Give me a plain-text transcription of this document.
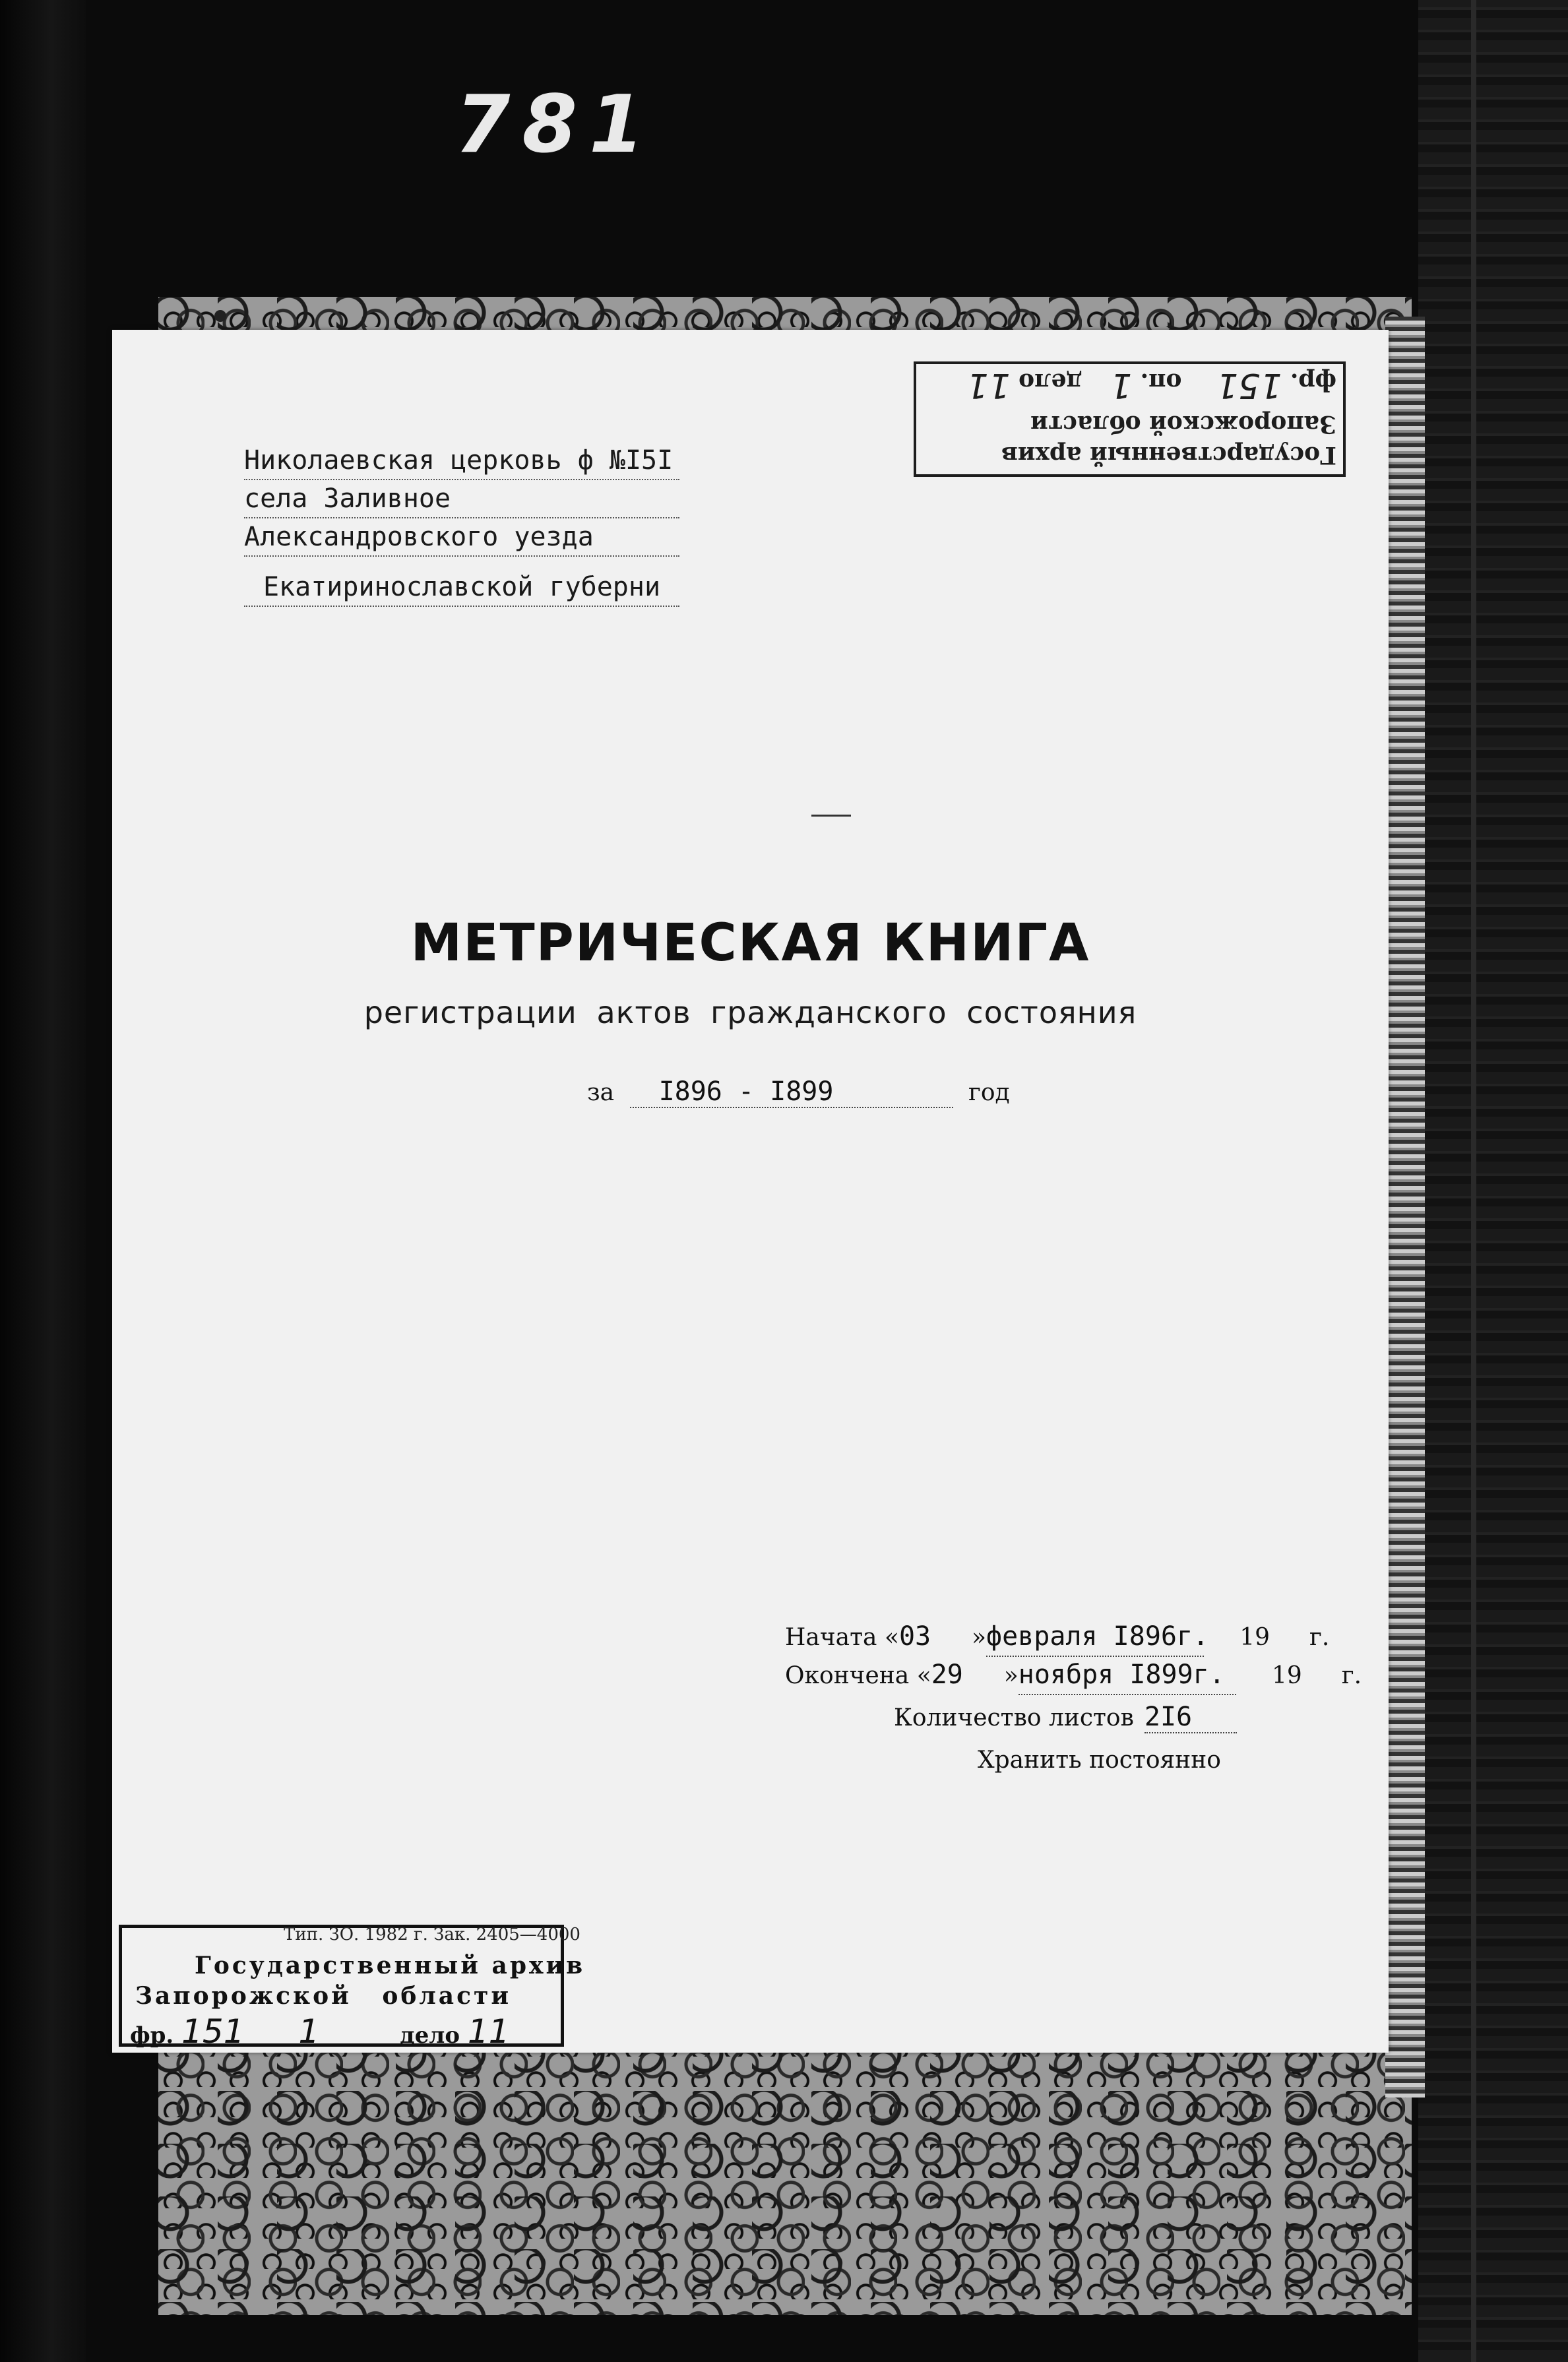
781
Государственный архив
Запорожской области
фр. 151 оп. 1 дело 11
Николаевская церковь ф №I5I
села Заливное
Александровского уезда
Екатиринославской губерни
МЕТРИЧЕСКАЯ КНИГА
регистрации актов гражданского состояния
за I896 - I899	год
Начата «03 »февраля I896г. 19 г.
Окончена «29 »ноября I899г. 19 г.
Количество листов 2I6
Хранить постоянно
Государственный архив
Запорожской области
фр. 151 1	дело 11
Тип. ЗО. 1982 г. Зак. 2405—4000
